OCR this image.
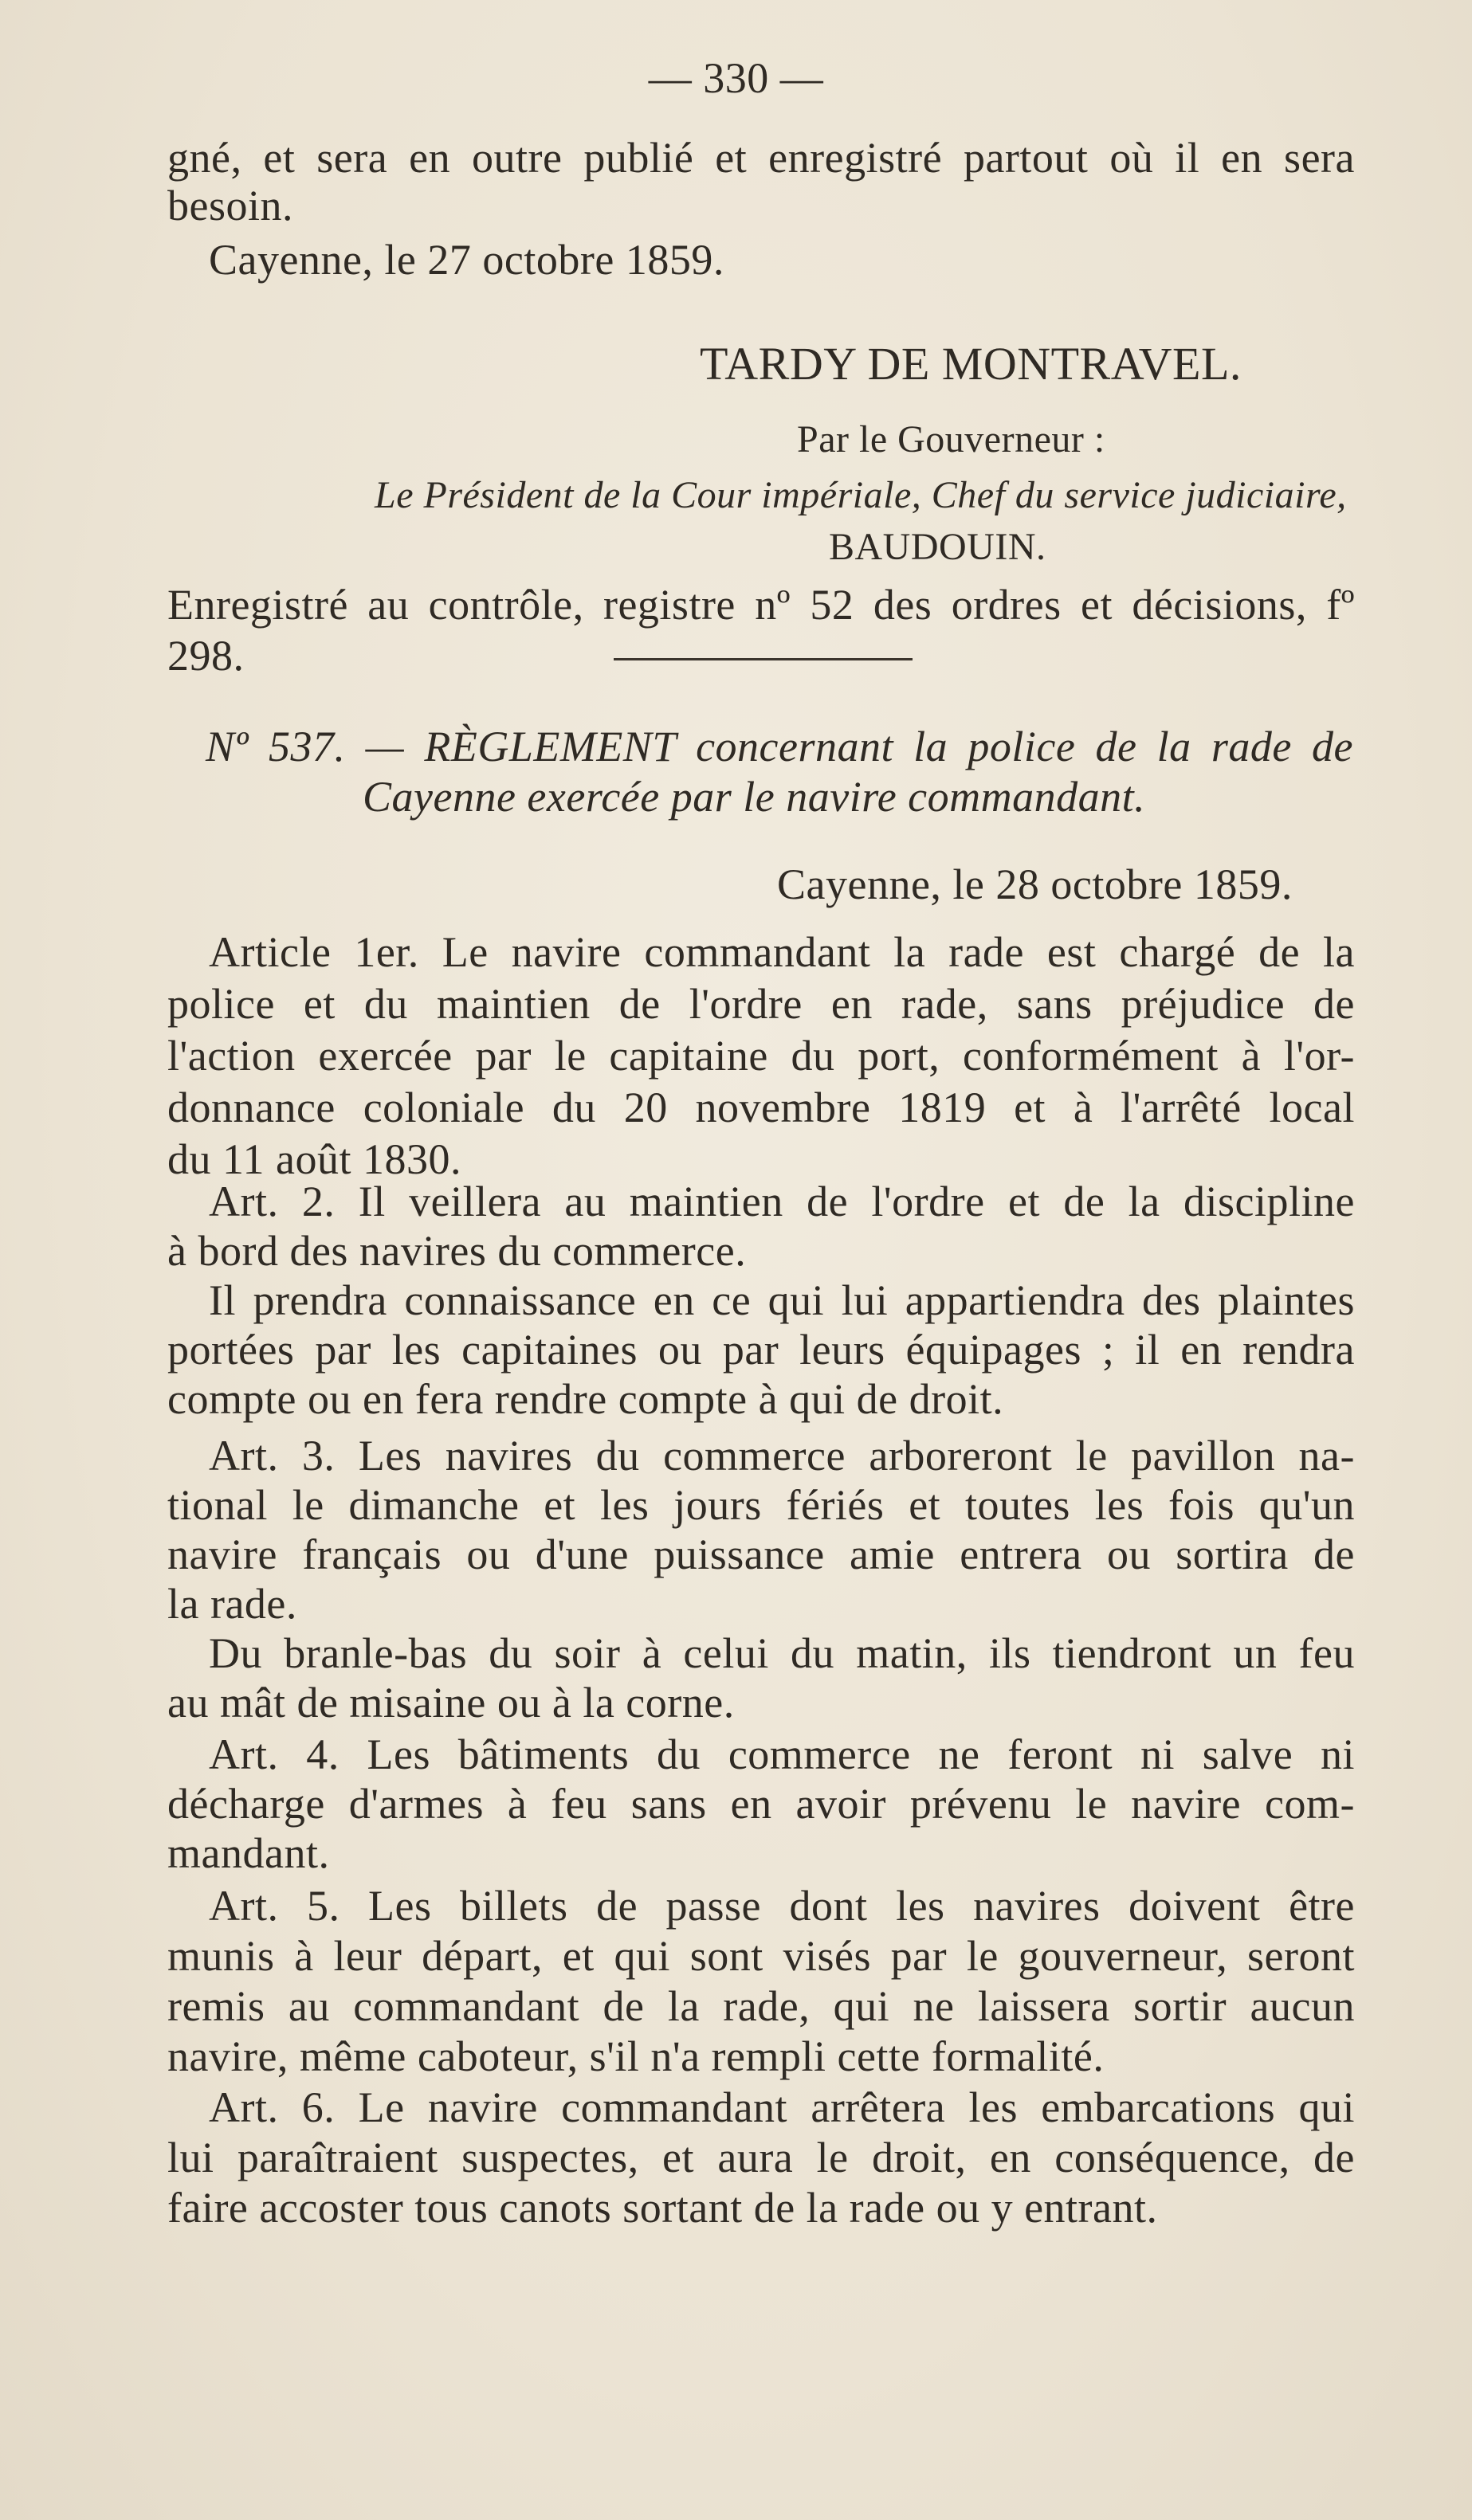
— 330 —
gné, et sera en outre publié et enregistré partout où il en sera
besoin.
Cayenne, le 27 octobre 1859.
TARDY DE MONTRAVEL.
Par le Gouverneur :
Le Président de la Cour impériale, Chef du service judiciaire,
BAUDOUIN.
Enregistré au contrôle, registre nº 52 des ordres et décisions, fº 298.
Nº 537. — RÈGLEMENT concernant la police de la rade de
Cayenne exercée par le navire commandant.
Cayenne, le 28 octobre 1859.
Article 1er. Le navire commandant la rade est chargé de la
police et du maintien de l'ordre en rade, sans préjudice de
l'action exercée par le capitaine du port, conformément à l'or-
donnance coloniale du 20 novembre 1819 et à l'arrêté local
du 11 août 1830.
Art. 2. Il veillera au maintien de l'ordre et de la discipline
à bord des navires du commerce.
Il prendra connaissance en ce qui lui appartiendra des plaintes
portées par les capitaines ou par leurs équipages ; il en rendra
compte ou en fera rendre compte à qui de droit.
Art. 3. Les navires du commerce arboreront le pavillon na-
tional le dimanche et les jours fériés et toutes les fois qu'un
navire français ou d'une puissance amie entrera ou sortira de
la rade.
Du branle-bas du soir à celui du matin, ils tiendront un feu
au mât de misaine ou à la corne.
Art. 4. Les bâtiments du commerce ne feront ni salve ni
décharge d'armes à feu sans en avoir prévenu le navire com-
mandant.
Art. 5. Les billets de passe dont les navires doivent être
munis à leur départ, et qui sont visés par le gouverneur, seront
remis au commandant de la rade, qui ne laissera sortir aucun
navire, même caboteur, s'il n'a rempli cette formalité.
Art. 6. Le navire commandant arrêtera les embarcations qui
lui paraîtraient suspectes, et aura le droit, en conséquence, de
faire accoster tous canots sortant de la rade ou y entrant.
